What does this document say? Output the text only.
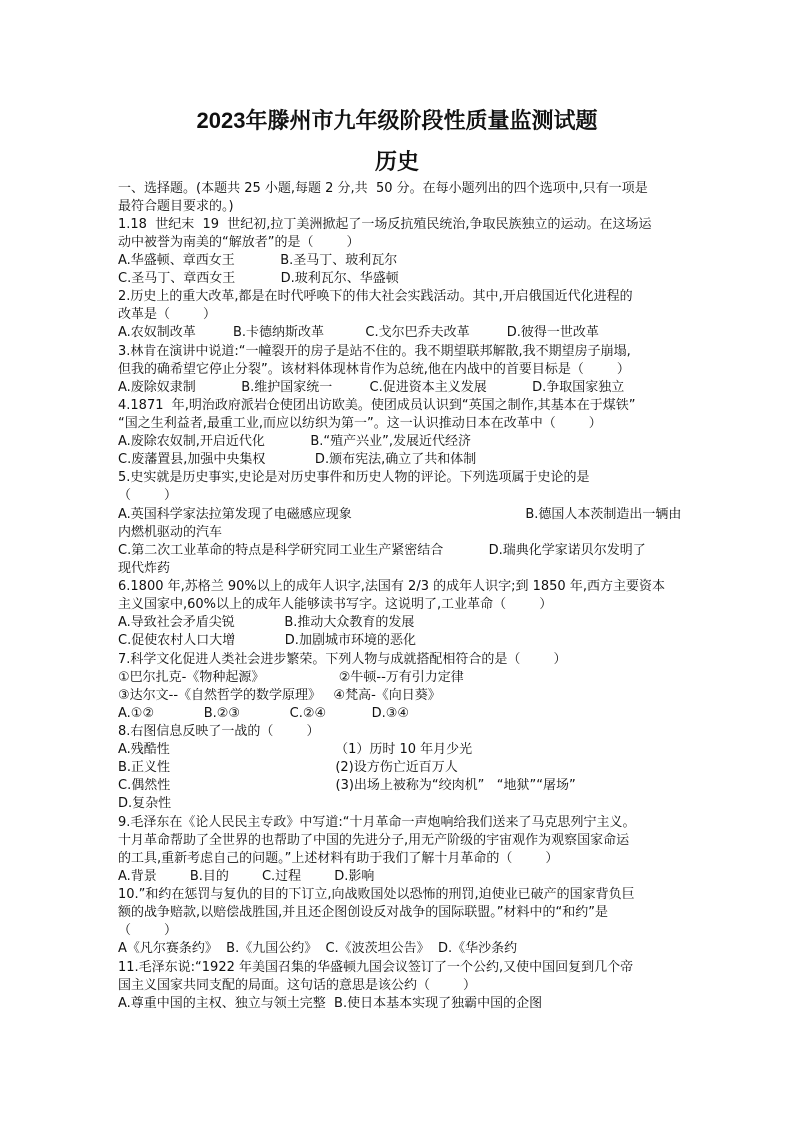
2023年滕州市九年级阶段性质量监测试题
历史
一、选择题。(本题共 25 小题,每题 2 分,共  50 分。在每小题列出的四个选项中,只有一项是
最符合题目要求的。)
1.18  世纪末  19  世纪初,拉丁美洲掀起了一场反抗殖民统治,争取民族独立的运动。在这场运
动中被誉为南美的“解放者”的是（        ）
A.华盛顿、章西女王           B.圣马丁、玻利瓦尔
C.圣马丁、章西女王           D.玻利瓦尔、华盛顿
2.历史上的重大改革,都是在时代呼唤下的伟大社会实践活动。其中,开启俄国近代化进程的
改革是（        ）
A.农奴制改革         B.卡德纳斯改革          C.戈尔巴乔夫改革         D.彼得一世改革
3.林肯在演讲中说道:“一幢裂开的房子是站不住的。我不期望联邦解散,我不期望房子崩塌,
但我的确希望它停止分裂”。该材料体现林肯作为总统,他在内战中的首要目标是（        ）
A.废除奴隶制           B.维护国家统一         C.促进资本主义发展           D.争取国家独立
4.1871  年,明治政府派岩仓使团出访欧美。使团成员认识到“英国之制作,其基本在于煤铁”
“国之生利益者,最重工业,而应以纺织为第一”。这一认识推动日本在改革中（        ）
A.废除农奴制,开启近代化           B.“殖产兴业”,发展近代经济
C.废藩置县,加强中央集权            D.颁布宪法,确立了共和体制
5.史实就是历史事实,史论是对历史事件和历史人物的评论。下列选项属于史论的是
（        ）
A.英国科学家法拉第发现了电磁感应现象                                          B.德国人本茨制造出一辆由
内燃机驱动的汽车
C.第二次工业革命的特点是科学研究同工业生产紧密结合           D.瑞典化学家诺贝尔发明了
现代炸药
6.1800 年,苏格兰 90%以上的成年人识字,法国有 2/3 的成年人识字;到 1850 年,西方主要资本
主义国家中,60%以上的成年人能够读书写字。这说明了,工业革命（        ）
A.导致社会矛盾尖锐            B.推动大众教育的发展
C.促使农村人口大增            D.加剧城市环境的恶化
7.科学文化促进人类社会进步繁荣。下列人物与成就搭配相符合的是（        ）
①巴尔扎克-《物种起源》                  ②牛顿--万有引力定律
③达尔文--《自然哲学的数学原理》   ④梵高-《向日葵》
A.①②            B.②③            C.②④           D.③④
8.右图信息反映了一战的（        ）
A.残酷性                                        （1）历时 10 年月少光
B.正义性                                        (2)设方伤亡近百万人
C.偶然性                                        (3)出场上被称为“绞肉机”   “地狱”“屠场”
D.复杂性
9.毛泽东在《论人民民主专政》中写道:“十月革命一声炮响给我们送来了马克思列宁主义。
十月革命帮助了全世界的也帮助了中国的先进分子,用无产阶级的宇宙观作为观察国家命运
的工具,重新考虑自己的问题。”上述材料有助于我们了解十月革命的（        ）
A.背景        B.目的        C.过程        D.影响
10.”和约在惩罚与复仇的目的下订立,向战败国处以恐怖的刑罚,迫使业已破产的国家背负巨
额的战争赔款,以赔偿战胜国,并且还企图创设反对战争的国际联盟。”材料中的“和约”是
（        ）
A《凡尔赛条约》  B.《九国公约》  C.《波茨坦公告》  D.《华沙条约
11.毛泽东说:“1922 年美国召集的华盛顿九国会议签订了一个公约,又使中国回复到几个帝
国主义国家共同支配的局面。这句话的意思是该公约（        ）
A.尊重中国的主权、独立与领土完整  B.使日本基本实现了独霸中国的企图
